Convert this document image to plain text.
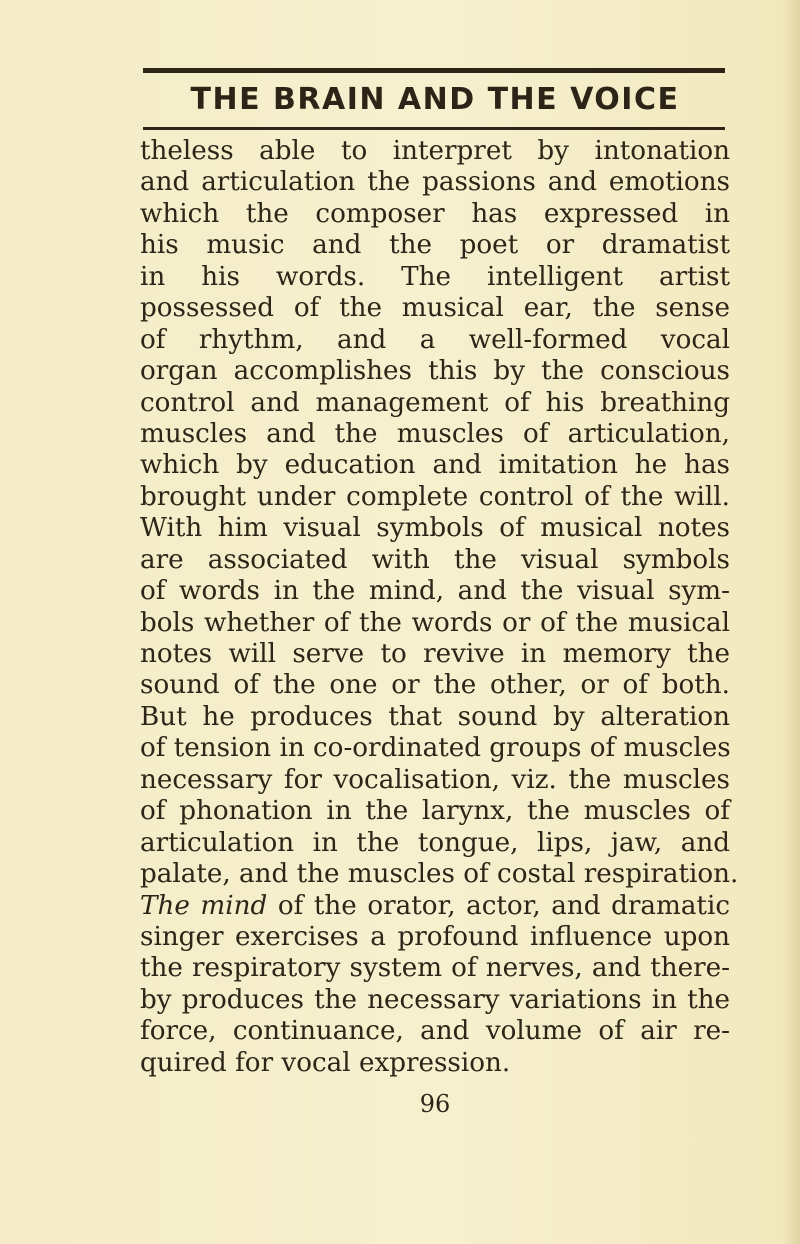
THE BRAIN AND THE VOICE
theless able to interpret by intonation
and articulation the passions and emotions
which the composer has expressed in
his music and the poet or dramatist
in his words. The intelligent artist
possessed of the musical ear, the sense
of rhythm, and a well-formed vocal
organ accomplishes this by the conscious
control and management of his breathing
muscles and the muscles of articulation,
which by education and imitation he has
brought under complete control of the will.
With him visual symbols of musical notes
are associated with the visual symbols
of words in the mind, and the visual sym-
bols whether of the words or of the musical
notes will serve to revive in memory the
sound of the one or the other, or of both.
But he produces that sound by alteration
of tension in co-ordinated groups of muscles
necessary for vocalisation, viz. the muscles
of phonation in the larynx, the muscles of
articulation in the tongue, lips, jaw, and
palate, and the muscles of costal respiration.
The mind of the orator, actor, and dramatic
singer exercises a profound influence upon
the respiratory system of nerves, and there-
by produces the necessary variations in the
force, continuance, and volume of air re-
quired for vocal expression.

96
